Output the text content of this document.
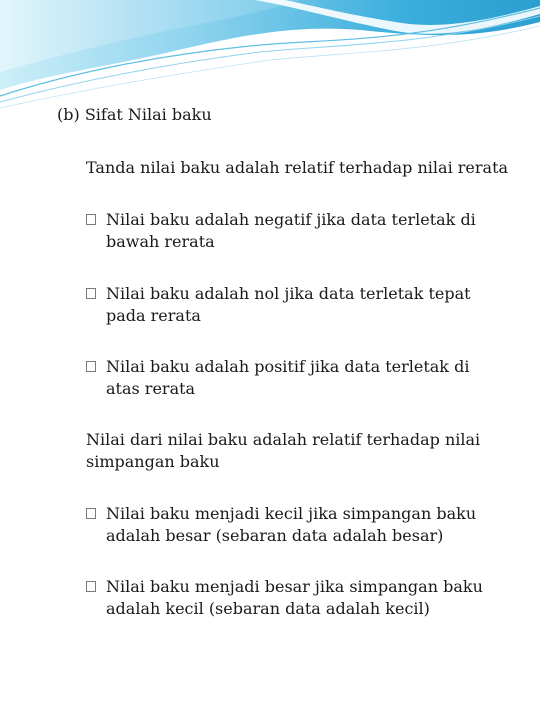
(b) Sifat Nilai baku
Tanda nilai baku adalah relatif terhadap nilai rerata
Nilai baku adalah negatif jika data terletak di bawah rerata
Nilai baku adalah nol jika data terletak tepat pada rerata
Nilai baku adalah positif jika data terletak di atas rerata
Nilai dari nilai baku adalah relatif terhadap nilai simpangan baku
Nilai baku menjadi kecil jika simpangan baku adalah besar (sebaran data adalah besar)
Nilai baku menjadi besar jika simpangan baku adalah kecil (sebaran data adalah kecil)
